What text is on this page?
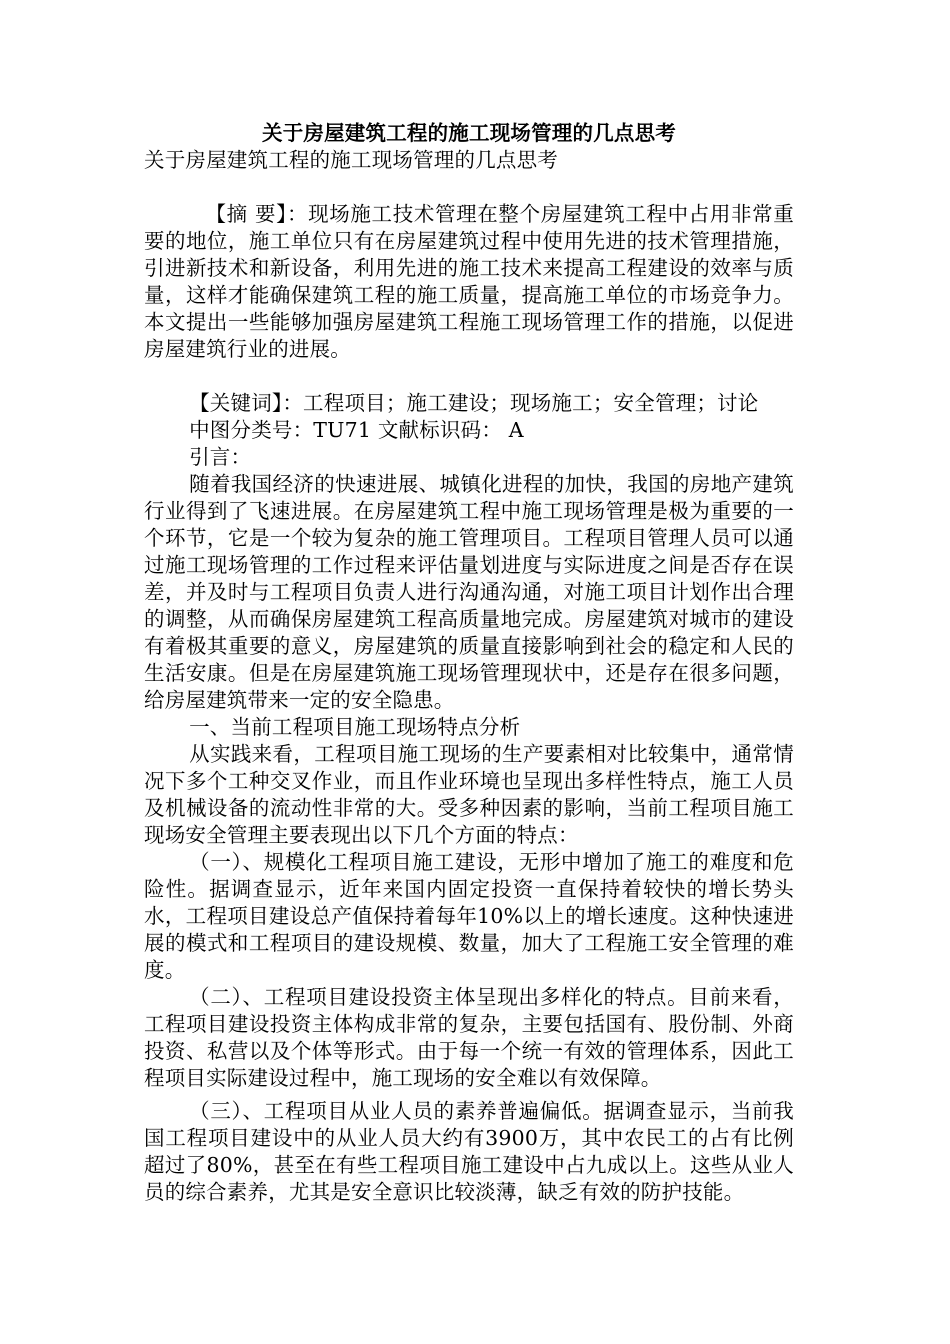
关于房屋建筑工程的施工现场管理的几点思考

关于房屋建筑工程的施工现场管理的几点思考

【摘 要】：现场施工技术管理在整个房屋建筑工程中占用非常重要的地位，施工单位只有在房屋建筑过程中使用先进的技术管理措施，引进新技术和新设备，利用先进的施工技术来提高工程建设的效率与质量，这样才能确保建筑工程的施工质量，提高施工单位的市场竞争力。本文提出一些能够加强房屋建筑工程施工现场管理工作的措施，以促进房屋建筑行业的进展。

【关键词】：工程项目；施工建设；现场施工；安全管理；讨论

中图分类号：TU71 文献标识码： A

引言：

随着我国经济的快速进展、城镇化进程的加快，我国的房地产建筑行业得到了飞速进展。在房屋建筑工程中施工现场管理是极为重要的一个环节，它是一个较为复杂的施工管理项目。工程项目管理人员可以通过施工现场管理的工作过程来评估量划进度与实际进度之间是否存在误差，并及时与工程项目负责人进行沟通沟通，对施工项目计划作出合理的调整，从而确保房屋建筑工程高质量地完成。房屋建筑对城市的建设有着极其重要的意义，房屋建筑的质量直接影响到社会的稳定和人民的生活安康。但是在房屋建筑施工现场管理现状中，还是存在很多问题，给房屋建筑带来一定的安全隐患。

一、当前工程项目施工现场特点分析

从实践来看，工程项目施工现场的生产要素相对比较集中，通常情况下多个工种交叉作业，而且作业环境也呈现出多样性特点，施工人员及机械设备的流动性非常的大。受多种因素的影响，当前工程项目施工现场安全管理主要表现出以下几个方面的特点：

（一）、规模化工程项目施工建设，无形中增加了施工的难度和危险性。据调查显示，近年来国内固定投资一直保持着较快的增长势头水，工程项目建设总产值保持着每年10%以上的增长速度。这种快速进展的模式和工程项目的建设规模、数量，加大了工程施工安全管理的难度。

（二）、工程项目建设投资主体呈现出多样化的特点。目前来看，工程项目建设投资主体构成非常的复杂，主要包括国有、股份制、外商投资、私营以及个体等形式。由于每一个统一有效的管理体系，因此工程项目实际建设过程中，施工现场的安全难以有效保障。

（三）、工程项目从业人员的素养普遍偏低。据调查显示，当前我国工程项目建设中的从业人员大约有3900万，其中农民工的占有比例超过了80%，甚至在有些工程项目施工建设中占九成以上。这些从业人员的综合素养，尤其是安全意识比较淡薄，缺乏有效的防护技能。
